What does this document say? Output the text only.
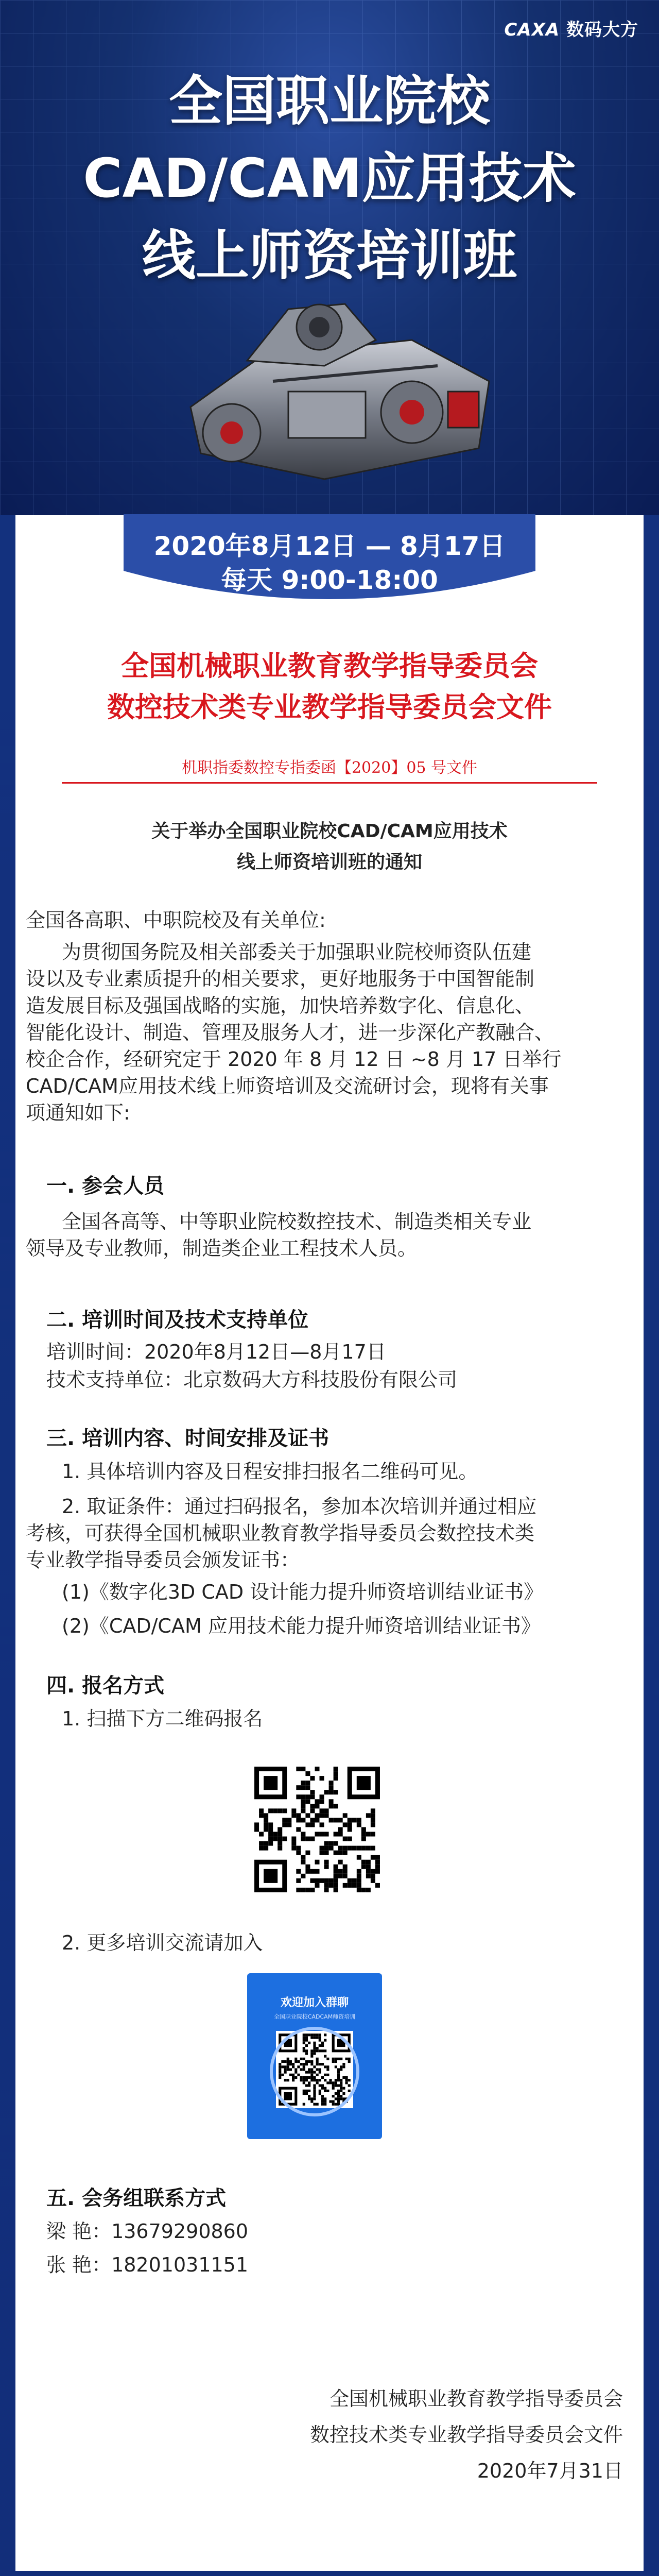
CAXA 数码大方
全国职业院校
CAD/CAM应用技术
线上师资培训班
2020年8月12日 — 8月17日
每天 9:00-18:00
全国机械职业教育教学指导委员会
数控技术类专业教学指导委员会文件
机职指委数控专指委函【2020】05 号文件
关于举办全国职业院校CAD/CAM应用技术
线上师资培训班的通知
全国各高职、中职院校及有关单位:
为贯彻国务院及相关部委关于加强职业院校师资队伍建
设以及专业素质提升的相关要求，更好地服务于中国智能制
造发展目标及强国战略的实施，加快培养数字化、信息化、
智能化设计、制造、管理及服务人才，进一步深化产教融合、
校企合作，经研究定于 2020 年 8 月 12 日 ~8 月 17 日举行
CAD/CAM应用技术线上师资培训及交流研讨会，现将有关事
项通知如下:
一. 参会人员
全国各高等、中等职业院校数控技术、制造类相关专业
领导及专业教师，制造类企业工程技术人员。
二. 培训时间及技术支持单位
培训时间：2020年8月12日—8月17日
技术支持单位：北京数码大方科技股份有限公司
三. 培训内容、时间安排及证书
1. 具体培训内容及日程安排扫报名二维码可见。
2. 取证条件：通过扫码报名，参加本次培训并通过相应
考核，可获得全国机械职业教育教学指导委员会数控技术类
专业教学指导委员会颁发证书：
(1)《数字化3D CAD 设计能力提升师资培训结业证书》
(2)《CAD/CAM 应用技术能力提升师资培训结业证书》
四. 报名方式
1. 扫描下方二维码报名
2. 更多培训交流请加入
欢迎加入群聊
全国职业院校CADCAM师资培训
五. 会务组联系方式
梁 艳：13679290860
张 艳：18201031151
全国机械职业教育教学指导委员会
数控技术类专业教学指导委员会文件
2020年7月31日
